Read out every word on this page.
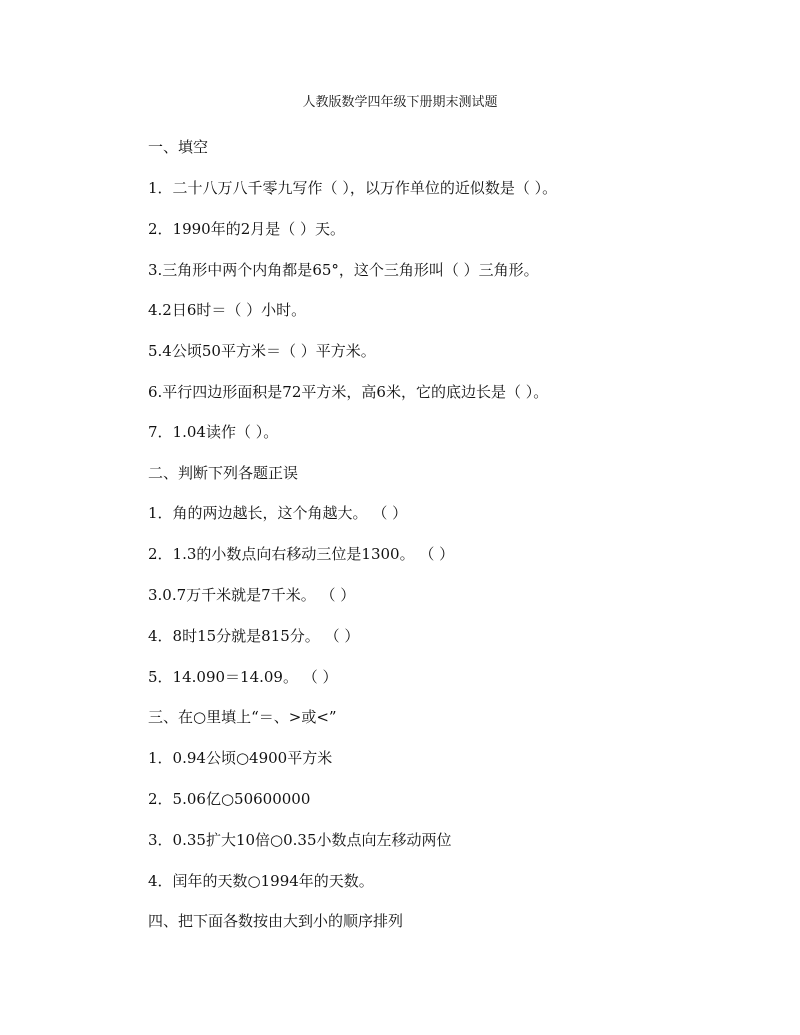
人教版数学四年级下册期末测试题
一、填空
1．二十八万八千零九写作（ ），以万作单位的近似数是（ ）。
2．1990年的2月是（ ）天。
3.三角形中两个内角都是65°，这个三角形叫（ ）三角形。
4.2日6时＝（ ）小时。
5.4公顷50平方米＝（ ）平方米。
6.平行四边形面积是72平方米，高6米，它的底边长是（ ）。
7．1.04读作（ ）。
二、判断下列各题正误
1．角的两边越长，这个角越大。 （ ）
2．1.3的小数点向右移动三位是1300。 （ ）
3.0.7万千米就是7千米。 （ ）
4．8时15分就是815分。 （ ）
5．14.090＝14.09。 （ ）
三、在○里填上“＝、>或<”
1．0.94公顷○4900平方米
2．5.06亿○50600000
3．0.35扩大10倍○0.35小数点向左移动两位
4．闰年的天数○1994年的天数。
四、把下面各数按由大到小的顺序排列
